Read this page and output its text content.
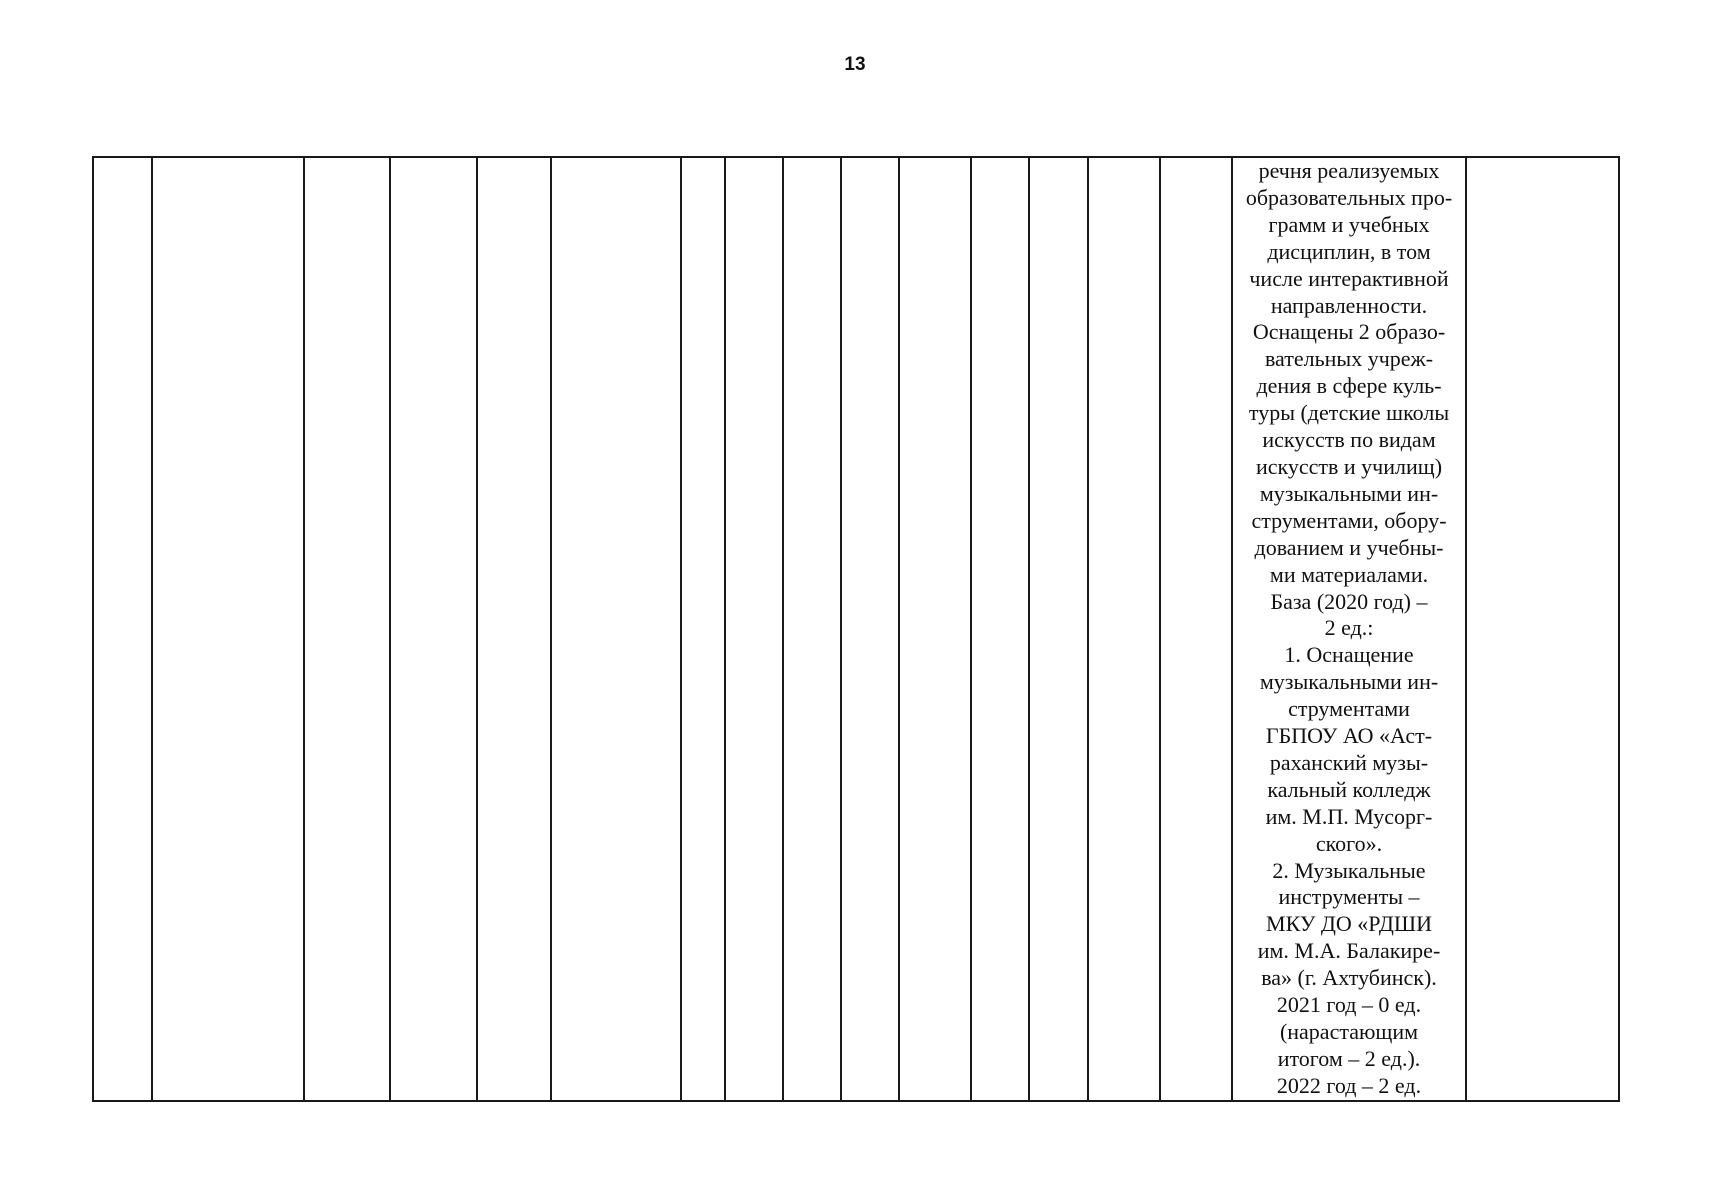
13

речня реализуемых
образовательных про-
грамм и учебных
дисциплин, в том
числе интерактивной
направленности.
Оснащены 2 образо-
вательных учреж-
дения в сфере куль-
туры (детские школы
искусств по видам
искусств и училищ)
музыкальными ин-
струментами, обору-
дованием и учебны-
ми материалами.
База (2020 год) –
2 ед.:
1. Оснащение
музыкальными ин-
струментами
ГБПОУ АО «Аст-
раханский музы-
кальный колледж
им. М.П. Мусорг-
ского».
2. Музыкальные
инструменты –
МКУ ДО «РДШИ
им. М.А. Балакире-
ва» (г. Ахтубинск).
2021 год – 0 ед.
(нарастающим
итогом – 2 ед.).
2022 год – 2 ед.
